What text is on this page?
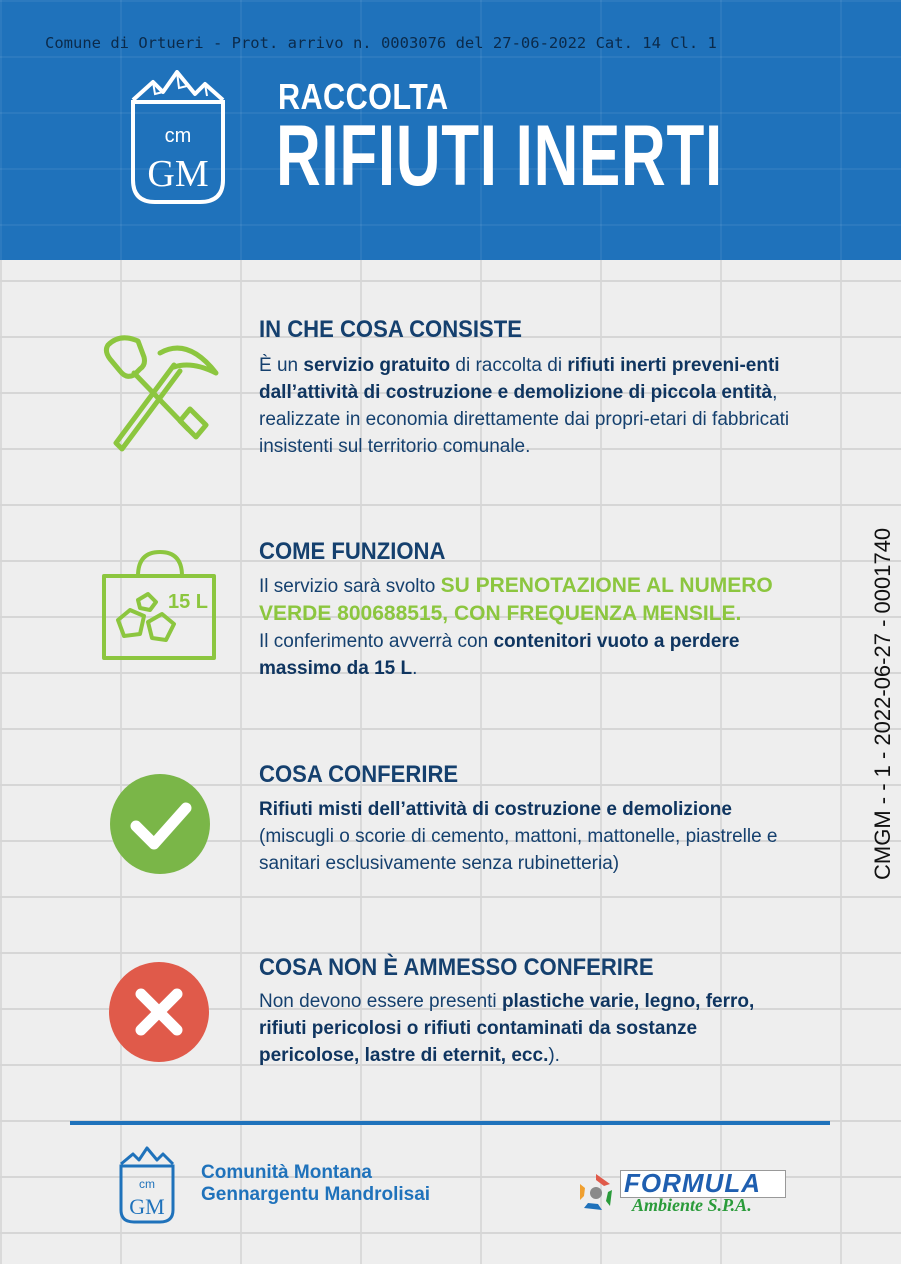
Comune di Ortueri - Prot. arrivo n. 0003076 del 27-06-2022 Cat. 14 Cl. 1
cm
GM
RACCOLTA
RIFIUTI INERTI
IN CHE COSA CONSISTE
È un servizio gratuito di raccolta di rifiuti inerti preveni-enti dall’attività di costruzione e demolizione di piccola entità, realizzate in economia direttamente dai propri-etari di fabbricati insistenti sul territorio comunale.
15 L
COME FUNZIONA
Il servizio sarà svolto SU PRENOTAZIONE AL NUMERO VERDE 800688515, CON FREQUENZA MENSILE.
Il conferimento avverrà con contenitori vuoto a perdere massimo da 15 L.
COSA CONFERIRE
Rifiuti misti dell’attività di costruzione e demolizione
(miscugli o scorie di cemento, mattoni, mattonelle, piastrelle e sanitari esclusivamente senza rubinetteria)
COSA NON È AMMESSO CONFERIRE
Non devono essere presenti plastiche varie, legno, ferro, rifiuti pericolosi o rifiuti contaminati da sostanze pericolose, lastre di eternit, ecc.).
CMGM - - 1 - 2022-06-27 - 0001740
cm
GM
Comunità Montana
Gennargentu Mandrolisai	FORMULA
Ambiente S.P.A.
